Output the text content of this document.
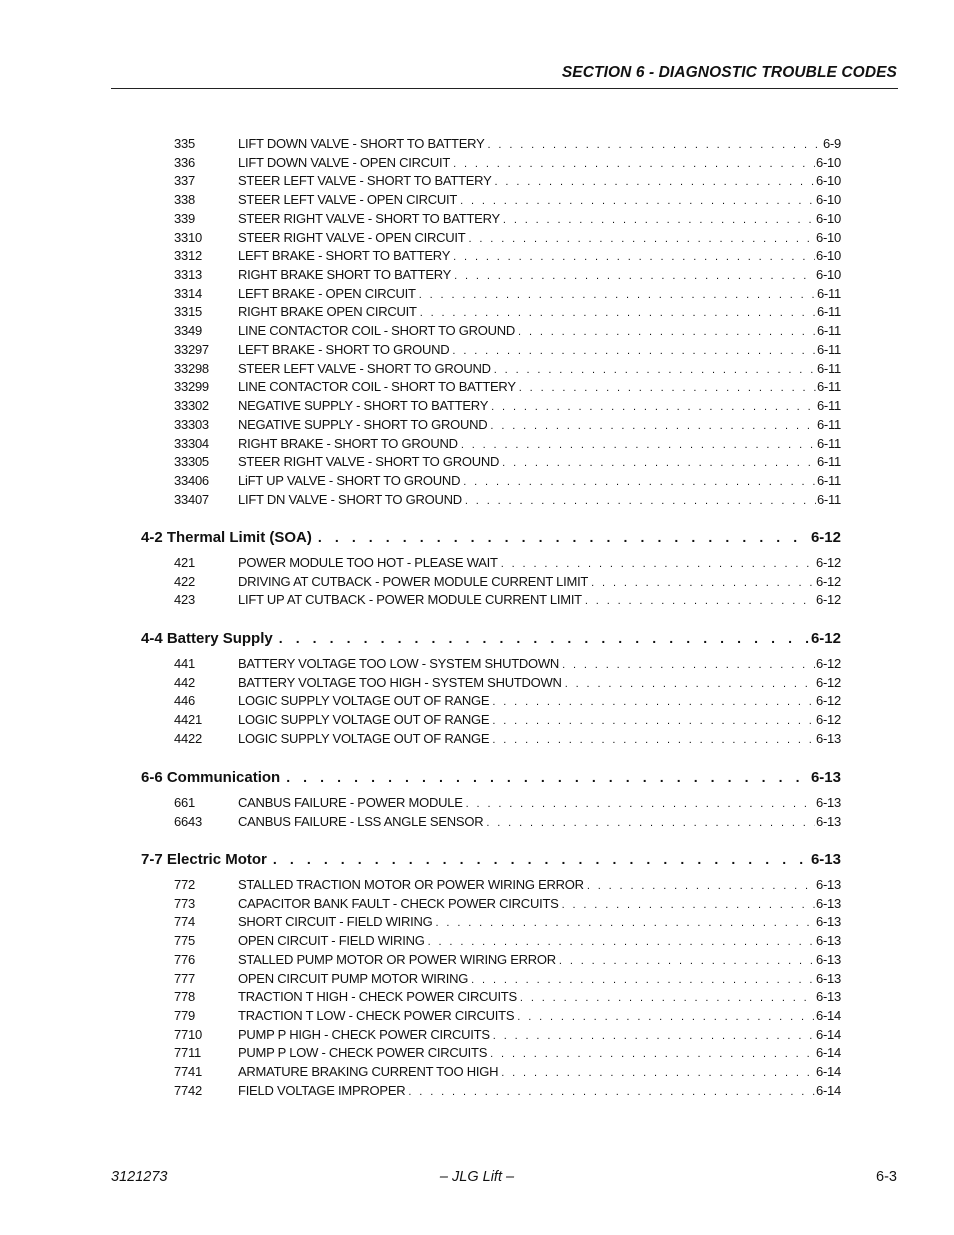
SECTION 6 - DIAGNOSTIC TROUBLE CODES
335	LIFT DOWN VALVE - SHORT TO BATTERY . . .	6-9
336	LIFT DOWN VALVE - OPEN CIRCUIT . . .	6-10
337	STEER LEFT VALVE - SHORT TO BATTERY . . .	6-10
338	STEER LEFT VALVE - OPEN CIRCUIT . . .	6-10
339	STEER RIGHT VALVE - SHORT TO BATTERY . . .	6-10
3310	STEER RIGHT VALVE - OPEN CIRCUIT . . .	6-10
3312	LEFT BRAKE - SHORT TO BATTERY . . .	6-10
3313	RIGHT BRAKE SHORT TO BATTERY . . .	6-10
3314	LEFT BRAKE - OPEN CIRCUIT . . .	6-11
3315	RIGHT BRAKE OPEN CIRCUIT . . .	6-11
3349	LINE CONTACTOR COIL - SHORT TO GROUND . . .	6-11
33297 LEFT BRAKE - SHORT TO GROUND . . .	6-11
33298 STEER LEFT VALVE - SHORT TO GROUND . . .	6-11
33299 LINE CONTACTOR COIL - SHORT TO BATTERY . . .	6-11
33302 NEGATIVE SUPPLY - SHORT TO BATTERY . . .	6-11
33303 NEGATIVE SUPPLY - SHORT TO GROUND . . .	6-11
33304 RIGHT BRAKE - SHORT TO GROUND . . .	6-11
33305 STEER RIGHT VALVE - SHORT TO GROUND . . .	6-11
33406 LiFT UP VALVE - SHORT TO GROUND . . .	6-11
33407 LIFT DN VALVE - SHORT TO GROUND . . .	6-11
4-2 Thermal Limit (SOA) . . .	6-12
421	POWER MODULE TOO HOT - PLEASE WAIT . . .	6-12
422	DRIVING AT CUTBACK - POWER MODULE CURRENT LIMIT . . .	6-12
423	LIFT UP AT CUTBACK - POWER MODULE CURRENT LIMIT . . .	6-12
4-4 Battery Supply . . .	6-12
441	BATTERY VOLTAGE TOO LOW - SYSTEM SHUTDOWN . . .	6-12
442	BATTERY VOLTAGE TOO HIGH - SYSTEM SHUTDOWN . . .	6-12
446	LOGIC SUPPLY VOLTAGE OUT OF RANGE . . .	6-12
4421	LOGIC SUPPLY VOLTAGE OUT OF RANGE . . .	6-12
4422	LOGIC SUPPLY VOLTAGE OUT OF RANGE . . .	6-13
6-6 Communication . . .	6-13
661	CANBUS FAILURE - POWER MODULE . . .	6-13
6643	CANBUS FAILURE - LSS ANGLE SENSOR . . .	6-13
7-7 Electric Motor . . .	6-13
772	STALLED TRACTION MOTOR OR POWER WIRING ERROR . . .	6-13
773	CAPACITOR BANK FAULT - CHECK POWER CIRCUITS . . .	6-13
774	SHORT CIRCUIT - FIELD WIRING . . .	6-13
775	OPEN CIRCUIT - FIELD WIRING . . .	6-13
776	STALLED PUMP MOTOR OR POWER WIRING ERROR . . .	6-13
777	OPEN CIRCUIT PUMP MOTOR WIRING . . .	6-13
778	TRACTION T HIGH - CHECK POWER CIRCUITS . . .	6-13
779	TRACTION T LOW - CHECK POWER CIRCUITS . . .	6-14
7710	PUMP P HIGH - CHECK POWER CIRCUITS . . .	6-14
7711	PUMP P LOW - CHECK POWER CIRCUITS . . .	6-14
7741	ARMATURE BRAKING CURRENT TOO HIGH . . .	6-14
7742	FIELD VOLTAGE IMPROPER . . .	6-14
3121273	– JLG Lift –	6-3
